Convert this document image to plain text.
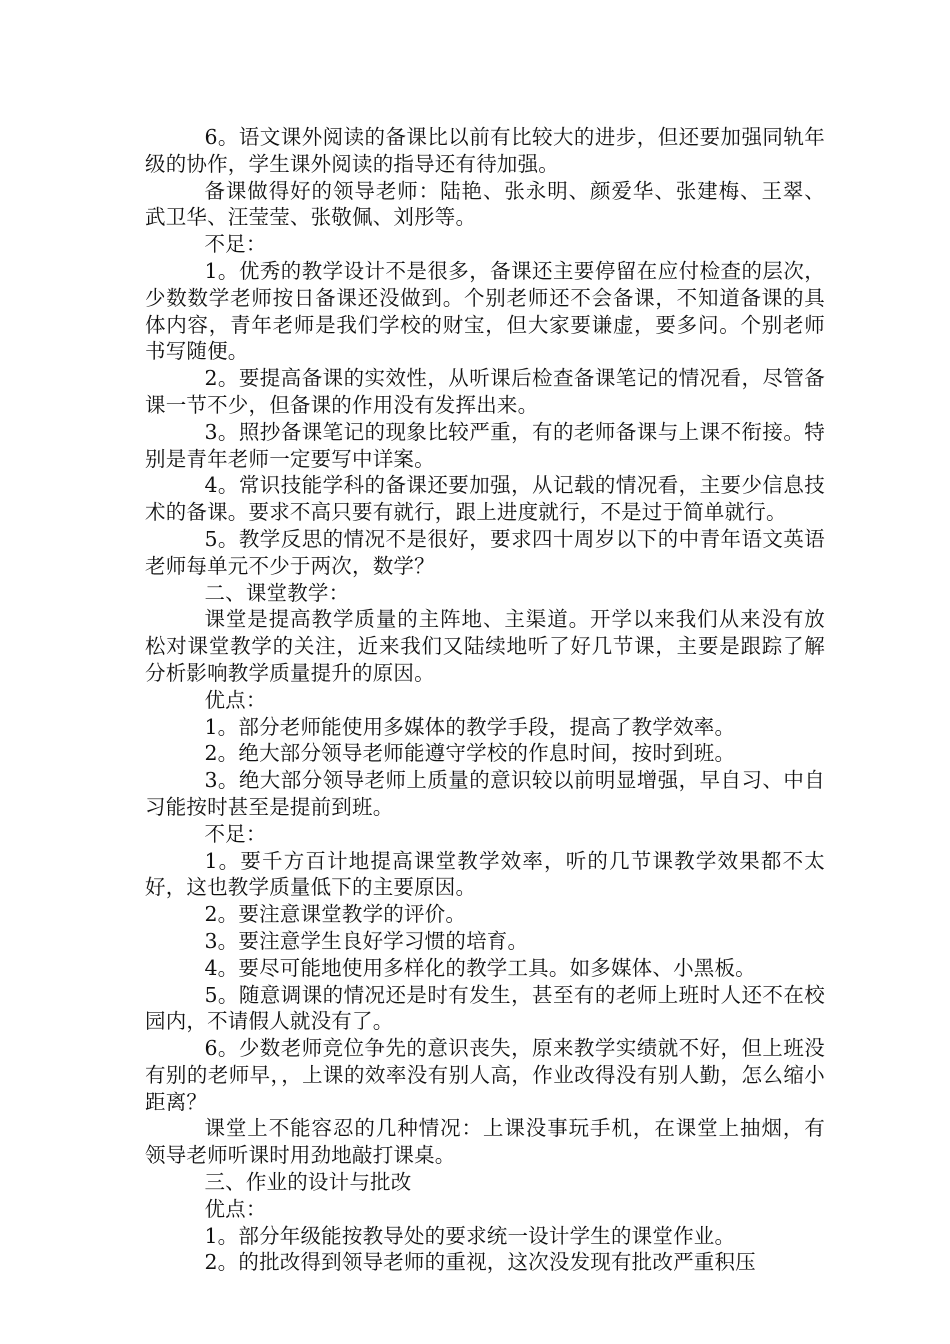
6。语文课外阅读的备课比以前有比较大的进步，但还要加强同轨年级的协作，学生课外阅读的指导还有待加强。

备课做得好的领导老师：陆艳、张永明、颜爱华、张建梅、王翠、武卫华、汪莹莹、张敬佩、刘彤等。

不足：

1。优秀的教学设计不是很多，备课还主要停留在应付检查的层次，少数数学老师按日备课还没做到。个别老师还不会备课，不知道备课的具体内容，青年老师是我们学校的财宝，但大家要谦虚，要多问。个别老师书写随便。

2。要提高备课的实效性，从听课后检查备课笔记的情况看，尽管备课一节不少，但备课的作用没有发挥出来。

3。照抄备课笔记的现象比较严重，有的老师备课与上课不衔接。特别是青年老师一定要写中详案。

4。常识技能学科的备课还要加强，从记载的情况看，主要少信息技术的备课。要求不高只要有就行，跟上进度就行，不是过于简单就行。

5。教学反思的情况不是很好，要求四十周岁以下的中青年语文英语老师每单元不少于两次，数学？

二、课堂教学：

课堂是提高教学质量的主阵地、主渠道。开学以来我们从来没有放松对课堂教学的关注，近来我们又陆续地听了好几节课，主要是跟踪了解分析影响教学质量提升的原因。

优点：

1。部分老师能使用多媒体的教学手段，提高了教学效率。

2。绝大部分领导老师能遵守学校的作息时间，按时到班。

3。绝大部分领导老师上质量的意识较以前明显增强，早自习、中自习能按时甚至是提前到班。

不足：

1。要千方百计地提高课堂教学效率，听的几节课教学效果都不太好，这也教学质量低下的主要原因。

2。要注意课堂教学的评价。

3。要注意学生良好学习惯的培育。

4。要尽可能地使用多样化的教学工具。如多媒体、小黑板。

5。随意调课的情况还是时有发生，甚至有的老师上班时人还不在校园内，不请假人就没有了。

6。少数老师竞位争先的意识丧失，原来教学实绩就不好，但上班没有别的老师早，，上课的效率没有别人高，作业改得没有别人勤，怎么缩小距离？

课堂上不能容忍的几种情况：上课没事玩手机，在课堂上抽烟，有领导老师听课时用劲地敲打课桌。

三、作业的设计与批改

优点：

1。部分年级能按教导处的要求统一设计学生的课堂作业。

2。的批改得到领导老师的重视，这次没发现有批改严重积压
